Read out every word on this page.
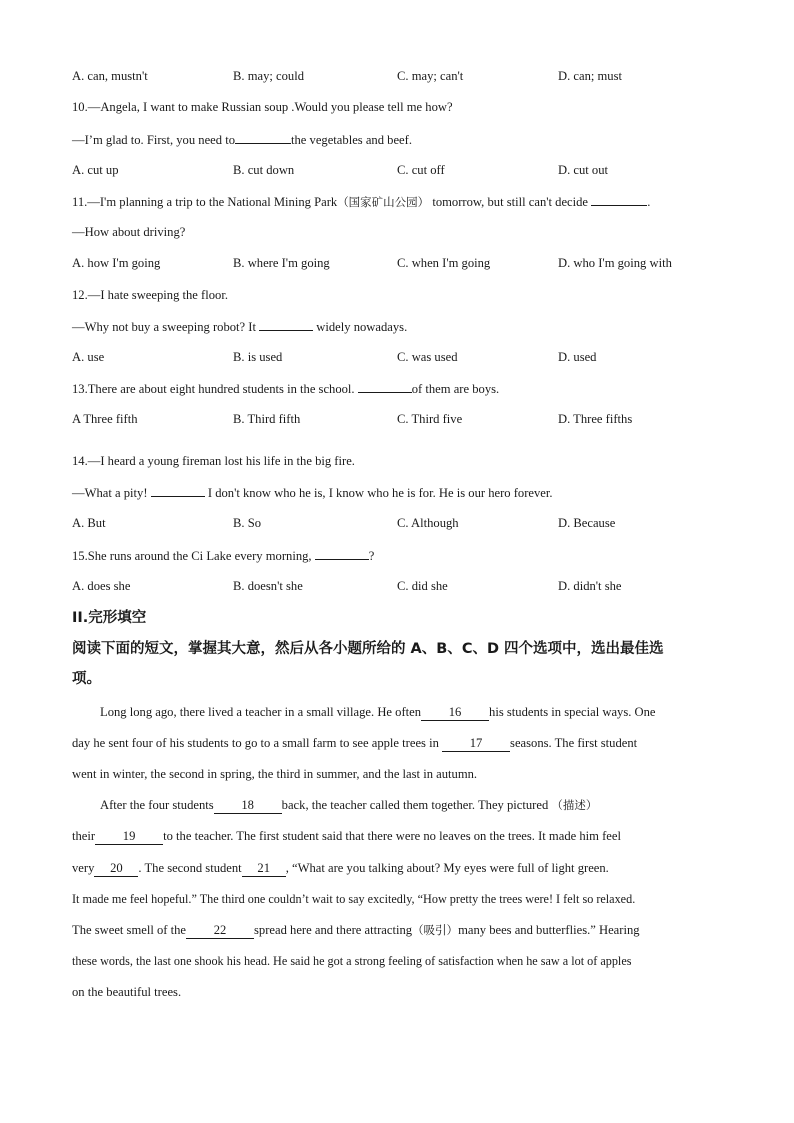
A. can, mustn't	B. may; could	C. may; can't	D. can; must
10.—Angela, I want to make Russian soup .Would you please tell me how?
—I’m glad to. First, you need to	the vegetables and beef.
A. cut up	B. cut down	C. cut off	D. cut out
11.—I'm planning a trip to the National Mining Park（国家矿山公园） tomorrow, but still can't decide	.
—How about driving?
A. how I'm going	B. where I'm going	C. when I'm going	D. who I'm going with
12.—I hate sweeping the floor.
—Why not buy a sweeping robot? It	widely nowadays.
A. use	B. is used	C. was used	D. used
13.There are about eight hundred students in the school.	of them are boys.
A Three fifth	B. Third fifth	C. Third five	D. Three fifths
14.—I heard a young fireman lost his life in the big fire.
—What a pity!	I don't know who he is, I know who he is for. He is our hero forever.
A. But	B. So	C. Although	D. Because
15.She runs around the Ci Lake every morning,	?
A. does she	B. doesn't she	C. did she	D. didn't she
II.完形填空
阅读下面的短文，掌握其大意，然后从各小题所给的 A、B、C、D 四个选项中，选出最佳选
项。
Long long ago, there lived a teacher in a small village. He often 16 his students in special ways. One
day he sent four of his students to go to a small farm to see apple trees in 17 seasons. The first student
went in winter, the second in spring, the third in summer, and the last in autumn.
After the four students 18 back, the teacher called them together. They pictured （描述）
their 19 to the teacher. The first student said that there were no leaves on the trees. It made him feel
very 20 . The second student 21 , “What are you talking about? My eyes were full of light green.
It made me feel hopeful.” The third one couldn’t wait to say excitedly, “How pretty the trees were! I felt so relaxed.
The sweet smell of the 22 spread here and there attracting（吸引）many bees and butterflies.” Hearing
these words, the last one shook his head. He said he got a strong feeling of satisfaction when he saw a lot of apples
on the beautiful trees.
